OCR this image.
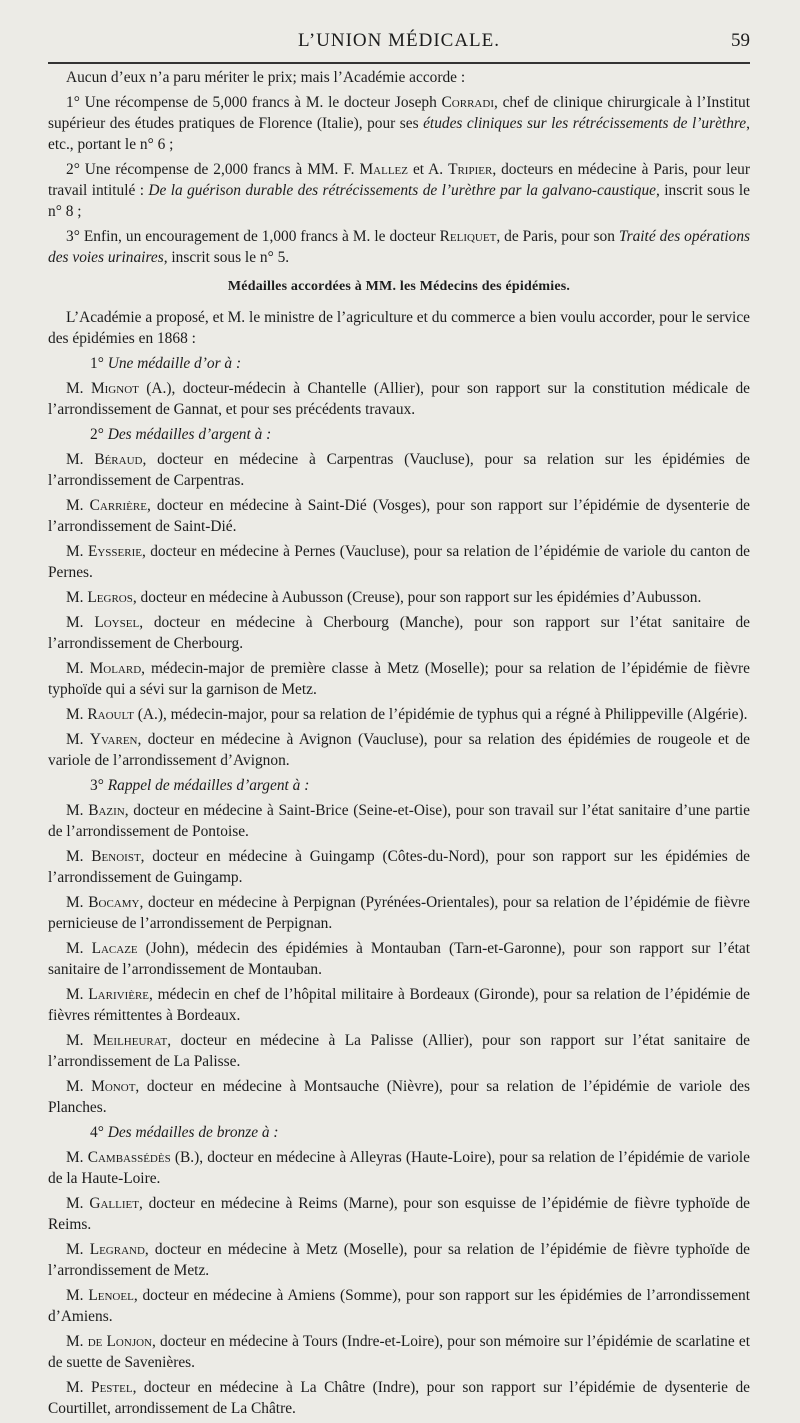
L’UNION MÉDICALE.	59

Aucun d’eux n’a paru mériter le prix; mais l’Académie accorde :

1° Une récompense de 5,000 francs à M. le docteur Joseph Corradi, chef de clinique chirurgicale à l’Institut supérieur des études pratiques de Florence (Italie), pour ses études cliniques sur les rétrécissements de l’urèthre, etc., portant le n° 6 ;

2° Une récompense de 2,000 francs à MM. F. Mallez et A. Tripier, docteurs en médecine à Paris, pour leur travail intitulé : De la guérison durable des rétrécissements de l’urèthre par la galvano-caustique, inscrit sous le n° 8 ;

3° Enfin, un encouragement de 1,000 francs à M. le docteur Reliquet, de Paris, pour son Traité des opérations des voies urinaires, inscrit sous le n° 5.

Médailles accordées à MM. les Médecins des épidémies.

L’Académie a proposé, et M. le ministre de l’agriculture et du commerce a bien voulu accorder, pour le service des épidémies en 1868 :

1° Une médaille d’or à :

M. Mignot (A.), docteur-médecin à Chantelle (Allier), pour son rapport sur la constitution médicale de l’arrondissement de Gannat, et pour ses précédents travaux.

2° Des médailles d’argent à :

M. Béraud, docteur en médecine à Carpentras (Vaucluse), pour sa relation sur les épidémies de l’arrondissement de Carpentras.

M. Carrière, docteur en médecine à Saint-Dié (Vosges), pour son rapport sur l’épidémie de dysenterie de l’arrondissement de Saint-Dié.

M. Eysserie, docteur en médecine à Pernes (Vaucluse), pour sa relation de l’épidémie de variole du canton de Pernes.

M. Legros, docteur en médecine à Aubusson (Creuse), pour son rapport sur les épidémies d’Aubusson.

M. Loysel, docteur en médecine à Cherbourg (Manche), pour son rapport sur l’état sanitaire de l’arrondissement de Cherbourg.

M. Molard, médecin-major de première classe à Metz (Moselle); pour sa relation de l’épidémie de fièvre typhoïde qui a sévi sur la garnison de Metz.

M. Raoult (A.), médecin-major, pour sa relation de l’épidémie de typhus qui a régné à Philippeville (Algérie).

M. Yvaren, docteur en médecine à Avignon (Vaucluse), pour sa relation des épidémies de rougeole et de variole de l’arrondissement d’Avignon.

3° Rappel de médailles d’argent à :

M. Bazin, docteur en médecine à Saint-Brice (Seine-et-Oise), pour son travail sur l’état sanitaire d’une partie de l’arrondissement de Pontoise.

M. Benoist, docteur en médecine à Guingamp (Côtes-du-Nord), pour son rapport sur les épidémies de l’arrondissement de Guingamp.

M. Bocamy, docteur en médecine à Perpignan (Pyrénées-Orientales), pour sa relation de l’épidémie de fièvre pernicieuse de l’arrondissement de Perpignan.

M. Lacaze (John), médecin des épidémies à Montauban (Tarn-et-Garonne), pour son rapport sur l’état sanitaire de l’arrondissement de Montauban.

M. Larivière, médecin en chef de l’hôpital militaire à Bordeaux (Gironde), pour sa relation de l’épidémie de fièvres rémittentes à Bordeaux.

M. Meilheurat, docteur en médecine à La Palisse (Allier), pour son rapport sur l’état sanitaire de l’arrondissement de La Palisse.

M. Monot, docteur en médecine à Montsauche (Nièvre), pour sa relation de l’épidémie de variole des Planches.

4° Des médailles de bronze à :

M. Cambassédès (B.), docteur en médecine à Alleyras (Haute-Loire), pour sa relation de l’épidémie de variole de la Haute-Loire.

M. Galliet, docteur en médecine à Reims (Marne), pour son esquisse de l’épidémie de fièvre typhoïde de Reims.

M. Legrand, docteur en médecine à Metz (Moselle), pour sa relation de l’épidémie de fièvre typhoïde de l’arrondissement de Metz.

M. Lenoel, docteur en médecine à Amiens (Somme), pour son rapport sur les épidémies de l’arrondissement d’Amiens.

M. de Lonjon, docteur en médecine à Tours (Indre-et-Loire), pour son mémoire sur l’épidémie de scarlatine et de suette de Savenières.

M. Pestel, docteur en médecine à La Châtre (Indre), pour son rapport sur l’épidémie de dysenterie de Courtillet, arrondissement de La Châtre.
